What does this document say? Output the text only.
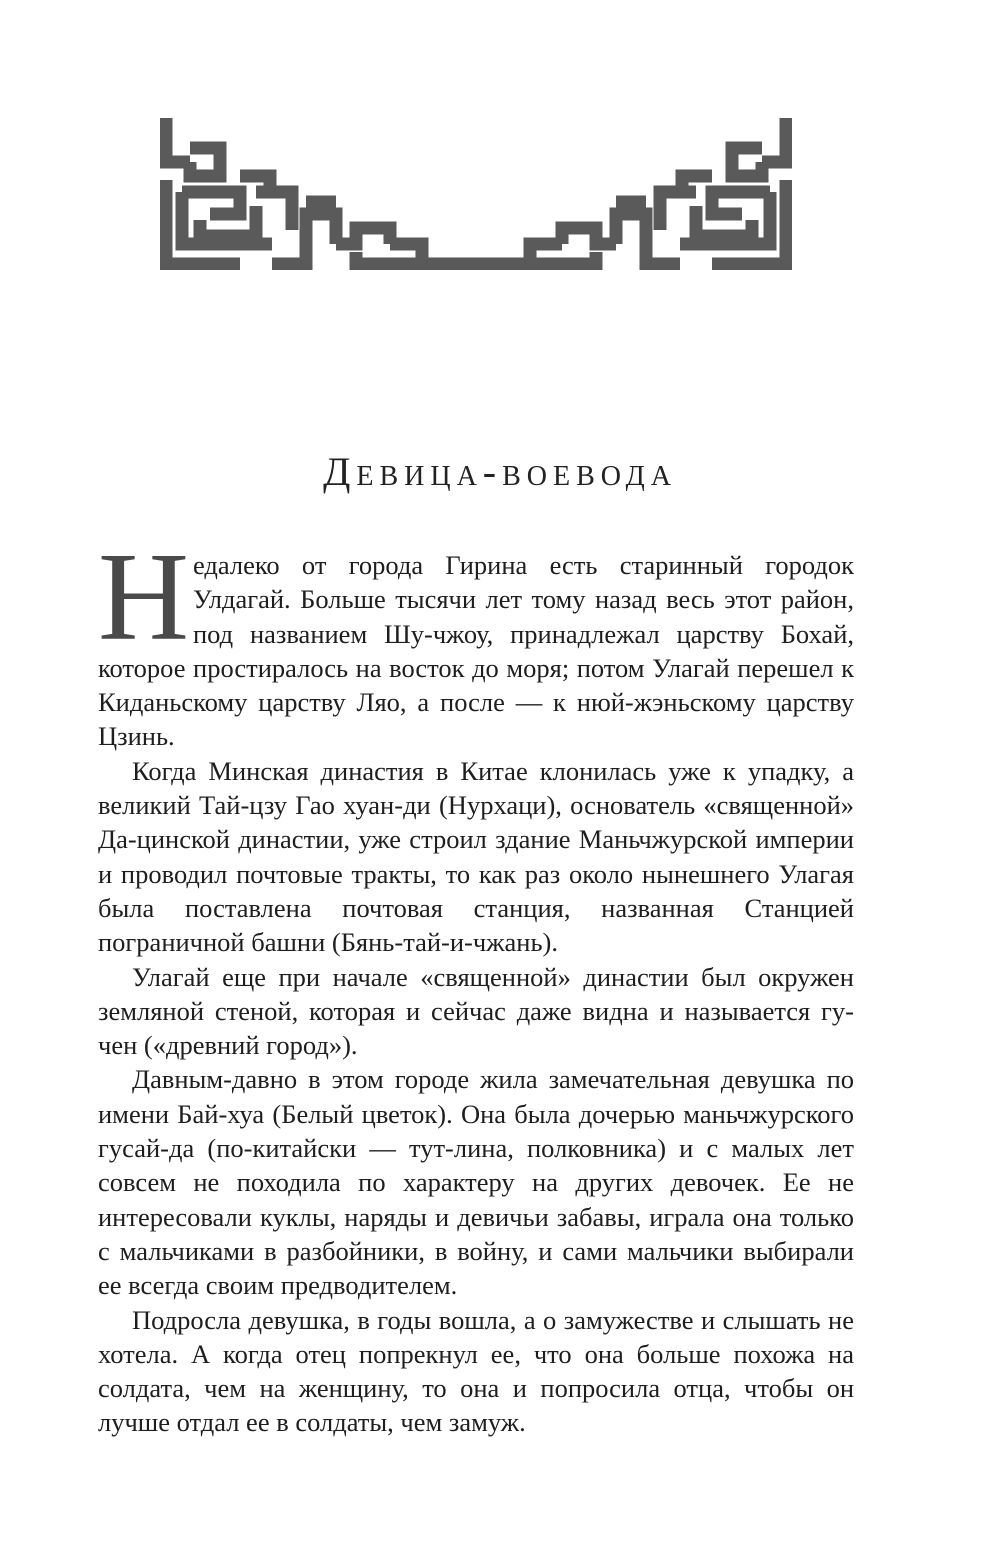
Девица-воевода

Н едалеко от города Гирина есть старинный городок Улдагай. Больше тысячи лет тому назад весь этот район, под названием Шу-чжоу, принадлежал царству Бохай, которое простиралось на восток до моря; потом Улагай перешел к Киданьскому царству Ляо, а после — к нюй-жэньскому царству Цзинь.

Когда Минская династия в Китае клонилась уже к упадку, а великий Тай-цзу Гао хуан-ди (Нурхаци), основатель «священной» Да-цинской династии, уже строил здание Маньчжурской империи и проводил почтовые тракты, то как раз около нынешнего Улагая была поставлена почтовая станция, названная Станцией пограничной башни (Бянь-тай-и-чжань).

Улагай еще при начале «священной» династии был окружен земляной стеной, которая и сейчас даже видна и называется гу-чен («древний город»).

Давным-давно в этом городе жила замечательная девушка по имени Бай-хуа (Белый цветок). Она была дочерью маньчжурского гусай-да (по-китайски — тут-лина, полковника) и с малых лет совсем не походила по характеру на других девочек. Ее не интересовали куклы, наряды и девичьи забавы, играла она только с мальчиками в разбойники, в войну, и сами мальчики выбирали ее всегда своим предводителем.

Подросла девушка, в годы вошла, а о замужестве и слышать не хотела. А когда отец попрекнул ее, что она больше похожа на солдата, чем на женщину, то она и попросила отца, чтобы он лучше отдал ее в солдаты, чем замуж.
